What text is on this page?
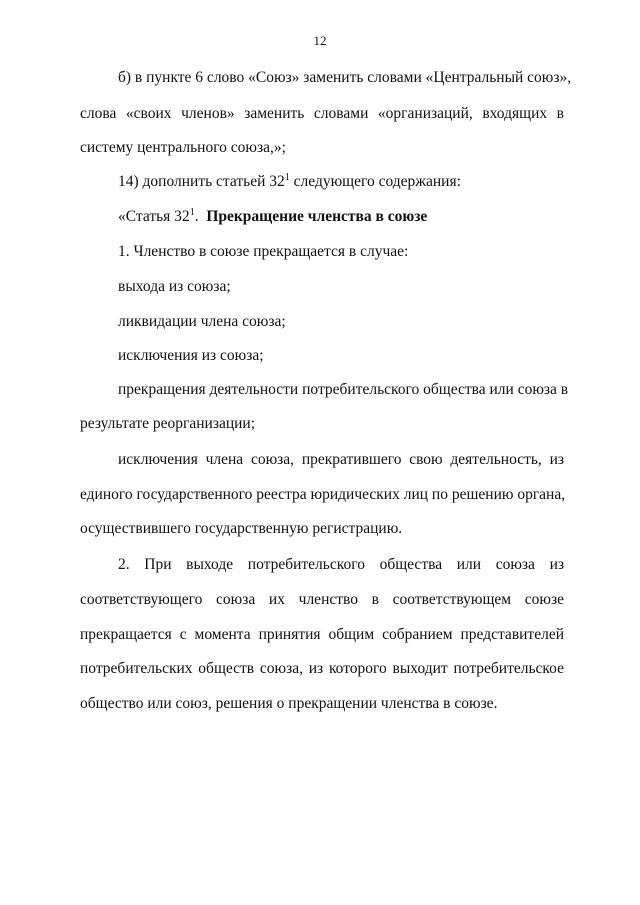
12
б) в пункте 6 слово «Союз» заменить словами «Центральный союз»,
слова «своих членов» заменить словами «организаций, входящих в
систему центрального союза,»;
14) дополнить статьей $32^1$ следующего содержания:
«Статья $32^1$. Прекращение членства в союзе
1. Членство в союзе прекращается в случае:
выхода из союза;
ликвидации члена союза;
исключения из союза;
прекращения деятельности потребительского общества или союза в
результате реорганизации;
исключения члена союза, прекратившего свою деятельность, из
единого государственного реестра юридических лиц по решению органа,
осуществившего государственную регистрацию.
2. При выходе потребительского общества или союза из
соответствующего союза их членство в соответствующем союзе
прекращается с момента принятия общим собранием представителей
потребительских обществ союза, из которого выходит потребительское
общество или союз, решения о прекращении членства в союзе.
